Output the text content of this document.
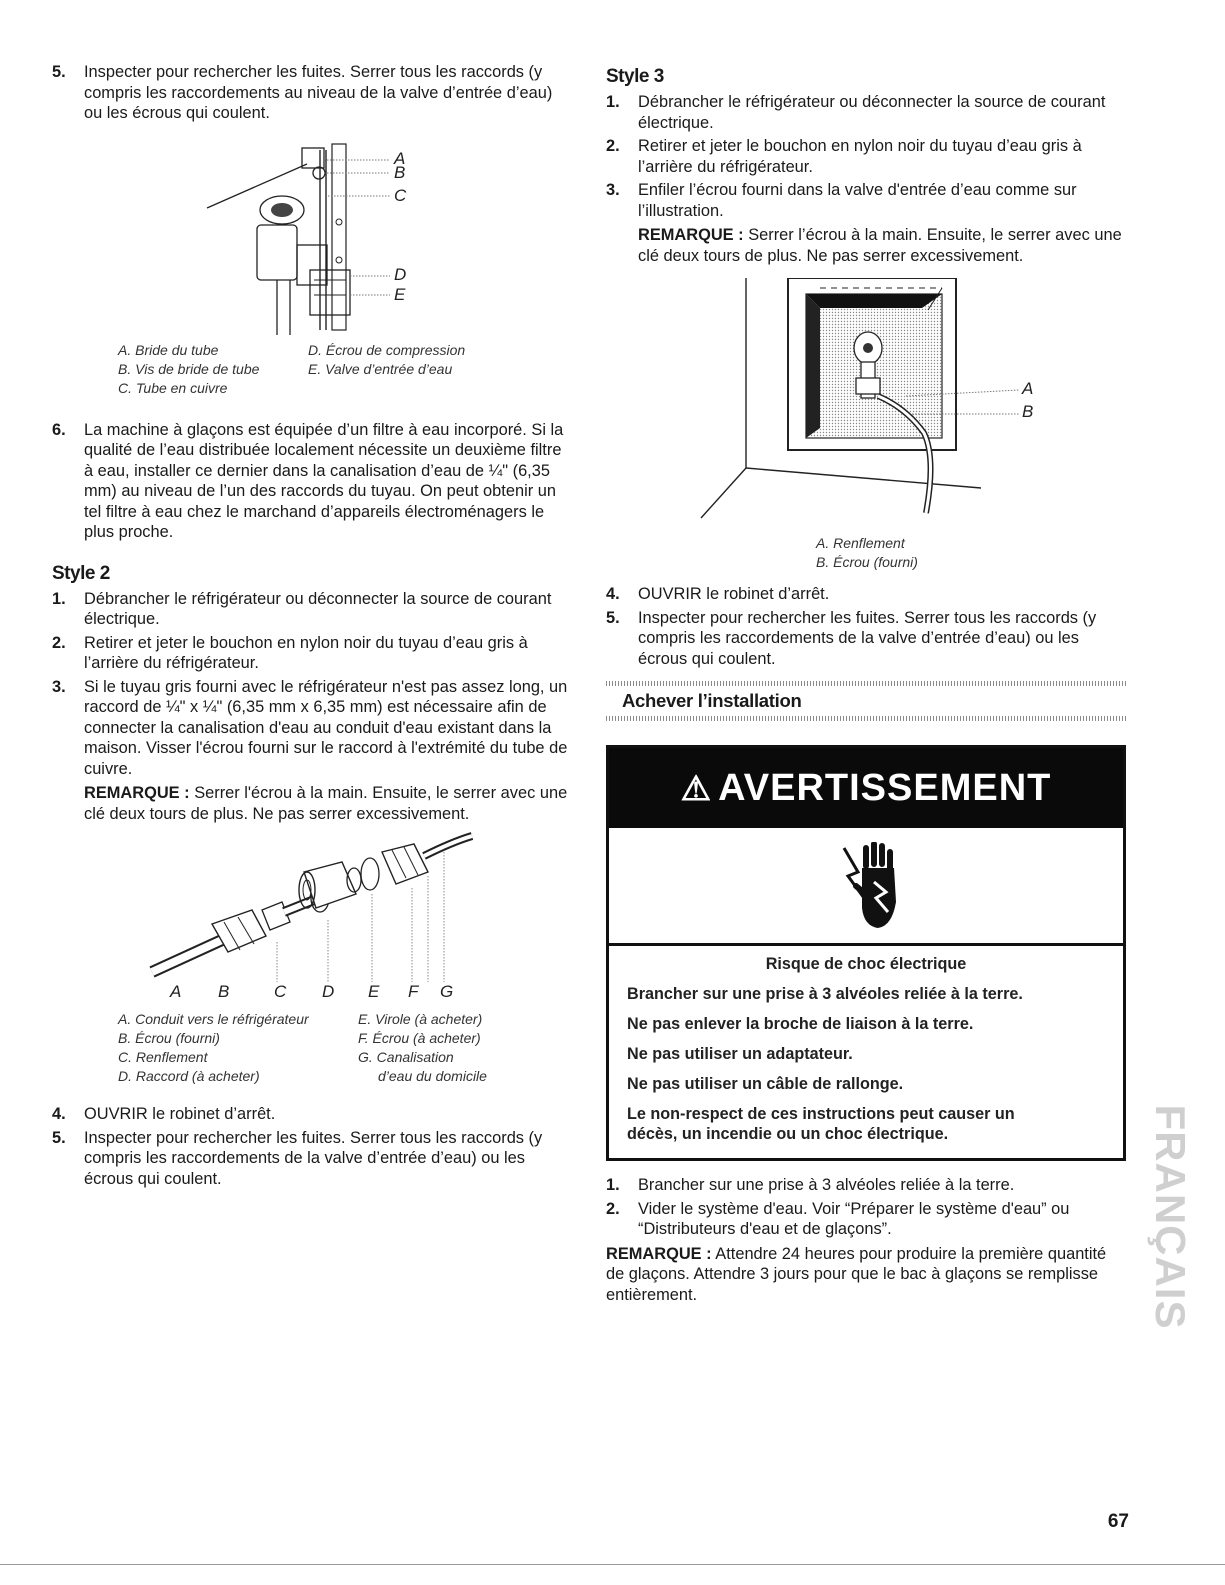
5. Inspecter pour rechercher les fuites. Serrer tous les raccords (y compris les raccordements au niveau de la valve d’entrée d’eau) ou les écrous qui coulent.
A
B
C
D
E
A. Bride du tube
B. Vis de bride de tube
C. Tube en cuivre
D. Écrou de compression
E. Valve d’entrée d’eau
6. La machine à glaçons est équipée d’un filtre à eau incorporé. Si la qualité de l’eau distribuée localement nécessite un deuxième filtre à eau, installer ce dernier dans la canalisation d’eau de ¼" (6,35 mm) au niveau de l’un des raccords du tuyau. On peut obtenir un tel filtre à eau chez le marchand d’appareils électroménagers le plus proche.
Style 2
1. Débrancher le réfrigérateur ou déconnecter la source de courant électrique.
2. Retirer et jeter le bouchon en nylon noir du tuyau d’eau gris à l’arrière du réfrigérateur.
3. Si le tuyau gris fourni avec le réfrigérateur n'est pas assez long, un raccord de ¼" x ¼" (6,35 mm x 6,35 mm) est nécessaire afin de connecter la canalisation d'eau au conduit d'eau existant dans la maison. Visser l'écrou fourni sur le raccord à l'extrémité du tube de cuivre.
REMARQUE : Serrer l'écrou à la main. Ensuite, le serrer avec une clé deux tours de plus. Ne pas serrer excessivement.
A B	C D E F G
A. Conduit vers le réfrigérateur
B. Écrou (fourni)
C. Renflement
D. Raccord (à acheter)
E. Virole (à acheter)
F. Écrou (à acheter)
G. Canalisation
d’eau du domicile
4. OUVRIR le robinet d’arrêt.
5. Inspecter pour rechercher les fuites. Serrer tous les raccords (y compris les raccordements de la valve d’entrée d’eau) ou les écrous qui coulent.
Style 3
1. Débrancher le réfrigérateur ou déconnecter la source de courant électrique.
2. Retirer et jeter le bouchon en nylon noir du tuyau d’eau gris à l’arrière du réfrigérateur.
3. Enfiler l’écrou fourni dans la valve d'entrée d’eau comme sur l’illustration.
REMARQUE : Serrer l’écrou à la main. Ensuite, le serrer avec une clé deux tours de plus. Ne pas serrer excessivement.
A
B
A. Renflement
B. Écrou (fourni)
4. OUVRIR le robinet d’arrêt.
5. Inspecter pour rechercher les fuites. Serrer tous les raccords (y compris les raccordements de la valve d’entrée d’eau) ou les écrous qui coulent.
Achever l’installation
⚠ AVERTISSEMENT
Risque de choc électrique
Brancher sur une prise à 3 alvéoles reliée à la terre.
Ne pas enlever la broche de liaison à la terre.
Ne pas utiliser un adaptateur.
Ne pas utiliser un câble de rallonge.
Le non-respect de ces instructions peut causer un décès, un incendie ou un choc électrique.
1. Brancher sur une prise à 3 alvéoles reliée à la terre.
2. Vider le système d'eau. Voir “Préparer le système d'eau” ou “Distributeurs d'eau et de glaçons”.
REMARQUE : Attendre 24 heures pour produire la première quantité de glaçons. Attendre 3 jours pour que le bac à glaçons se remplisse entièrement.	FRANÇAIS
67
